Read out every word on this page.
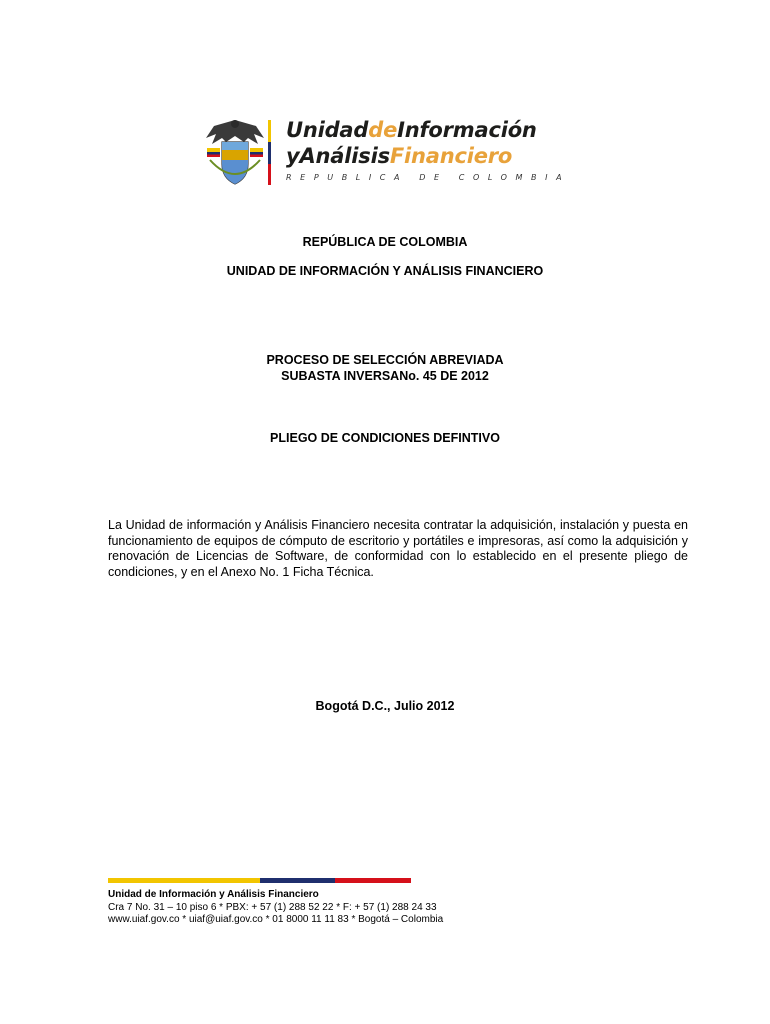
UnidaddeInformación
yAnálisisFinanciero
REPUBLICA DE COLOMBIA
REPÚBLICA DE COLOMBIA
UNIDAD DE INFORMACIÓN Y ANÁLISIS FINANCIERO
PROCESO DE SELECCIÓN ABREVIADA
SUBASTA INVERSANo. 45 DE 2012
PLIEGO DE CONDICIONES DEFINTIVO
La Unidad de información y Análisis Financiero necesita contratar la adquisición, instalación y puesta en funcionamiento de equipos de cómputo de escritorio y portátiles e impresoras, así como la adquisición y renovación de Licencias de Software, de conformidad con lo establecido en el presente pliego de condiciones, y en el Anexo No. 1 Ficha Técnica.
Bogotá D.C., Julio 2012
Unidad de Información y Análisis Financiero
Cra 7 No. 31 – 10 piso 6 * PBX: + 57 (1) 288 52 22 * F: + 57 (1) 288 24 33
www.uiaf.gov.co * uiaf@uiaf.gov.co * 01 8000 11 11 83 * Bogotá – Colombia
